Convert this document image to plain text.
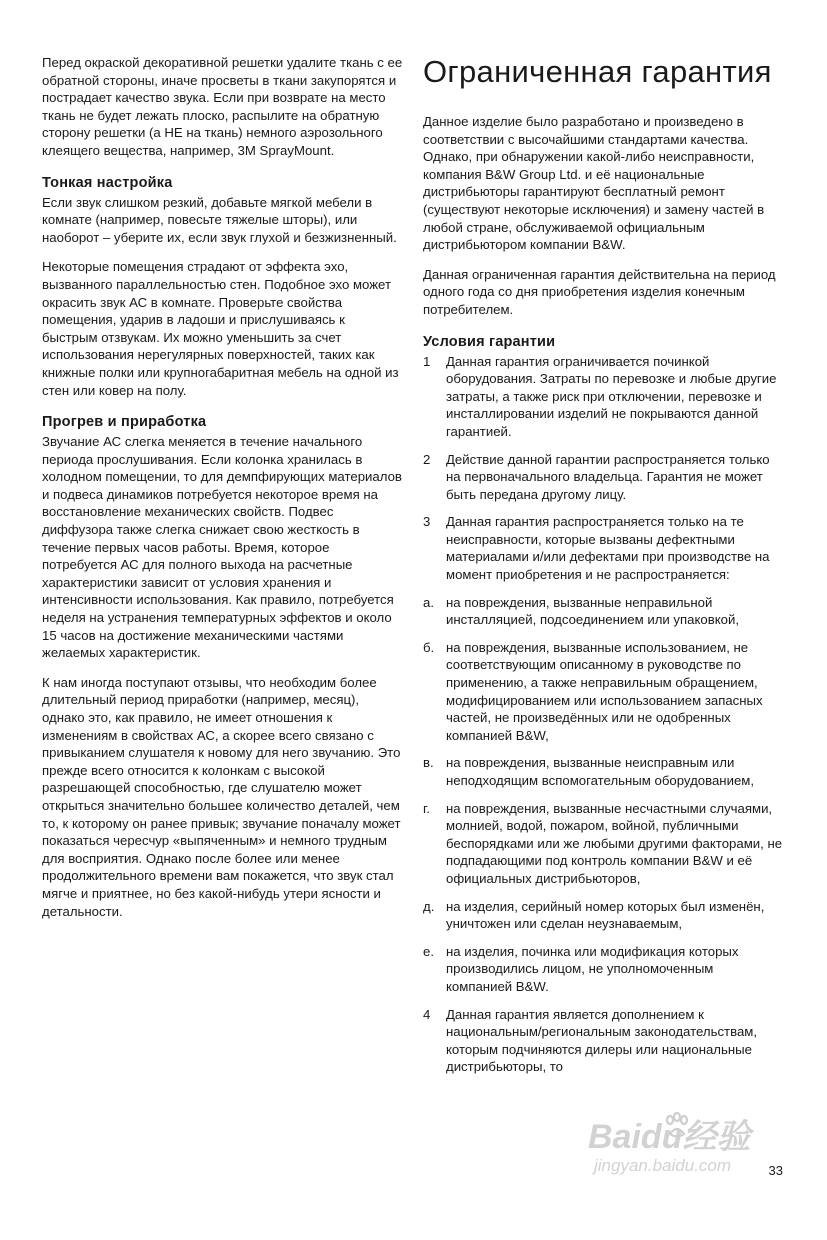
Перед окраской декоративной решетки удалите ткань с ее обратной стороны, иначе просветы в ткани закупорятся и пострадает качество звука. Если при возврате на место ткань не будет лежать плоско, распылите на обратную сторону решетки (а НЕ на ткань) немного аэрозольного клеящего вещества, например, 3M SprayMount.

Тонкая настройка

Если звук слишком резкий, добавьте мягкой мебели в комнате (например, повесьте тяжелые шторы), или наоборот – уберите их, если звук глухой и безжизненный.

Некоторые помещения страдают от эффекта эхо, вызванного параллельностью стен. Подобное эхо может окрасить звук АС в комнате. Проверьте свойства помещения, ударив в ладоши и прислушиваясь к быстрым отзвукам. Их можно уменьшить за счет использования нерегулярных поверхностей, таких как книжные полки или крупногабаритная мебель на одной из стен или ковер на полу.

Прогрев и приработка

Звучание АС слегка меняется в течение начального периода прослушивания. Если колонка хранилась в холодном помещении, то для демпфирующих материалов и подвеса динамиков потребуется некоторое время на восстановление механических свойств. Подвес диффузора также слегка снижает свою жесткость в течение первых часов работы. Время, которое потребуется АС для полного выхода на расчетные характеристики зависит от условия хранения и интенсивности использования. Как правило, потребуется неделя на устранения температурных эффектов и около 15 часов на достижение механическими частями желаемых характеристик.

К нам иногда поступают отзывы, что необходим более длительный период приработки (например, месяц), однако это, как правило, не имеет отношения к изменениям в свойствах АС, а скорее всего связано с привыканием слушателя к новому для него звучанию. Это прежде всего относится к колонкам с высокой разрешающей способностью, где слушателю может открыться значительно большее количество деталей, чем то, к которому он ранее привык; звучание поначалу может показаться чересчур «выпяченным» и немного трудным для восприятия. Однако после более или менее продолжительного времени вам покажется, что звук стал мягче и приятнее, но без какой-нибудь утери ясности и детальности.

Ограниченная гарантия

Данное изделие было разработано и произведено в соответствии с высочайшими стандартами качества. Однако, при обнаружении какой-либо неисправности, компания B&W Group Ltd. и её национальные дистрибьюторы гарантируют бесплатный ремонт (существуют некоторые исключения) и замену частей в любой стране, обслуживаемой официальным дистрибьютором компании B&W.

Данная ограниченная гарантия действительна на период одного года со дня приобретения изделия конечным потребителем.

Условия гарантии
1 Данная гарантия ограничивается починкой оборудования. Затраты по перевозке и любые другие затраты, а также риск при отключении, перевозке и инсталлировании изделий не покрываются данной гарантией.
2 Действие данной гарантии распространяется только на первоначального владельца. Гарантия не может быть передана другому лицу.
3 Данная гарантия распространяется только на те неисправности, которые вызваны дефектными материалами и/или дефектами при производстве на момент приобретения и не распространяется:
a. на повреждения, вызванные неправильной инсталляцией, подсоединением или упаковкой,
б. на повреждения, вызванные использованием, не соответствующим описанному в руководстве по применению, а также неправильным обращением, модифицированием или использованием запасных частей, не произведённых или не одобренных компанией B&W,
в. на повреждения, вызванные неисправным или неподходящим вспомогательным оборудованием,
г. на повреждения, вызванные несчастными случаями, молнией, водой, пожаром, войной, публичными беспорядками или же любыми другими факторами, не подпадающими под контроль компании B&W и её официальных дистрибьюторов,
д. на изделия, серийный номер которых был изменён, уничтожен или сделан неузнаваемым,
е. на изделия, починка или модификация которых производились лицом, не уполномоченным компанией B&W.
4 Данная гарантия является дополнением к национальным/региональным законодательствам, которым подчиняются дилеры или национальные дистрибьюторы, то
Baidu经验
jingyan.baidu.com	33
